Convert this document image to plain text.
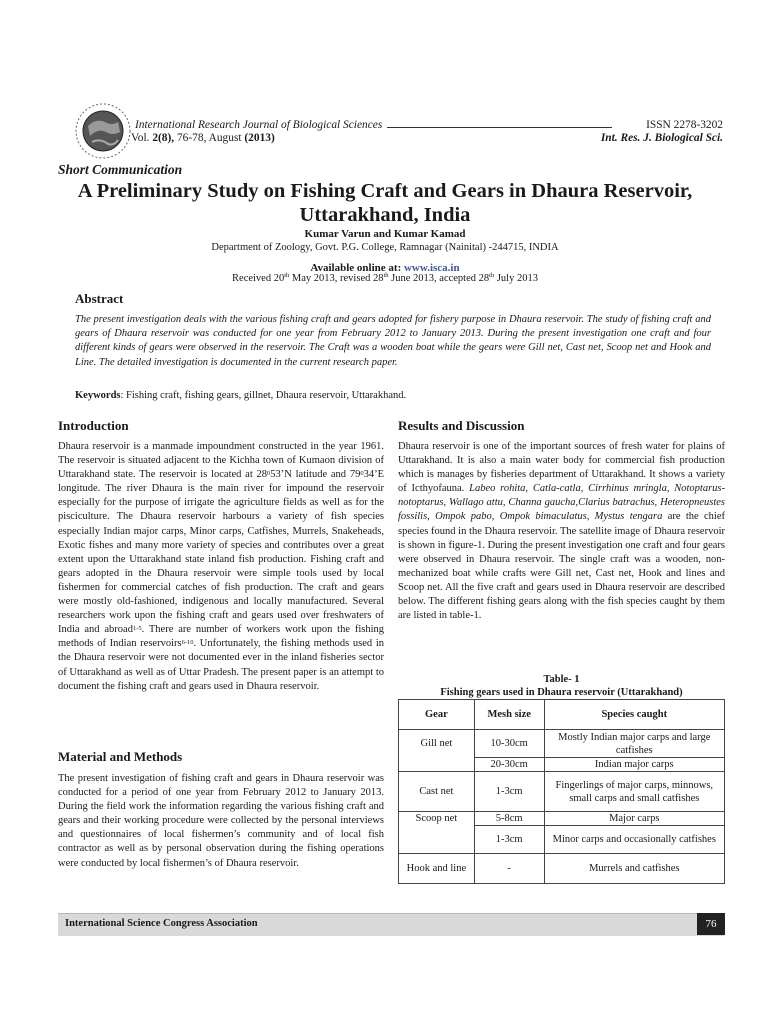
International Research Journal of Biological Sciences	ISSN 2278-3202
Vol. 2(8), 76-78, August (2013)	Int. Res. J. Biological Sci.
Short Communication
A Preliminary Study on Fishing Craft and Gears in Dhaura Reservoir,
Uttarakhand, India
Kumar Varun and Kumar Kamad
Department of Zoology, Govt. P.G. College, Ramnagar (Nainital) -244715, INDIA
Available online at: www.isca.in
Received 20th May 2013, revised 28th June 2013, accepted 28th July 2013
Abstract
The present investigation deals with the various fishing craft and gears adopted for fishery purpose in Dhaura reservoir. The study of fishing craft and gears of Dhaura reservoir was conducted for one year from February 2012 to January 2013. During the present investigation one craft and four different kinds of gears were observed in the reservoir. The Craft was a wooden boat while the gears were Gill net, Cast net, Scoop net and Hook and Line. The detailed investigation is documented in the current research paper.
Keywords: Fishing craft, fishing gears, gillnet, Dhaura reservoir, Uttarakhand.
Introduction
Dhaura reservoir is a manmade impoundment constructed in the year 1961. The reservoir is situated adjacent to the Kichha town of Kumaon division of Uttarakhand state. The reservoir is located at $28^053’N$ latitude and $79^034’E$ longitude. The river Dhaura is the main river for impound the reservoir especially for the purpose of irrigate the agriculture fields as well as for the pisciculture. The Dhaura reservoir harbours a variety of fish species especially Indian major carps, Minor carps, Catfishes, Murrels, Snakeheads, Exotic fishes and many more variety of species and contributes over a great extent upon the Uttarakhand state inland fish production. Fishing craft and gears adopted in the Dhaura reservoir were simple tools used by local fishermen for commercial catches of fish production. The craft and gears were mostly old-fashioned, indigenous and locally manufactured. Several researchers work upon the fishing craft and gears used over freshwaters of India and abroad$^{1-5}$. There are number of workers work upon the fishing methods of Indian reservoirs$^{6-10}$. Unfortunately, the fishing methods used in the Dhaura reservoir were not documented ever in the inland fisheries sector of Uttarakhand as well as of Uttar Pradesh. The present paper is an attempt to document the fishing craft and gears used in Dhaura reservoir.
Material and Methods
The present investigation of fishing craft and gears in Dhaura reservoir was conducted for a period of one year from February 2012 to January 2013. During the field work the information regarding the various fishing craft and gears and their working procedure were collected by the personal interviews and questionnaires of local fishermen’s community and of local fish contractor as well as by personal observation during the fishing operations were conducted by local fishermen’s of Dhaura reservoir.
Results and Discussion
Dhaura reservoir is one of the important sources of fresh water for plains of Uttarakhand. It is also a main water body for commercial fish production which is manages by fisheries department of Uttarakhand. It shows a variety of Icthyofauna. Labeo rohita, Catla-catla, Cirrhinus mringla, Notoptarus-notoptarus, Wallago attu, Channa gaucha,Clarius batrachus, Heteropneustes fossilis, Ompok pabo, Ompok bimaculatus, Mystus tengara are the chief species found in the Dhaura reservoir. The satellite image of Dhaura reservoir is shown in figure-1. During the present investigation one craft and four gears were observed in Dhaura reservoir. The single craft was a wooden, non-mechanized boat while crafts were Gill net, Cast net, Hook and lines and Scoop net. All the five craft and gears used in Dhaura reservoir are described below. The different fishing gears along with the fish species caught by them are listed in table-1.
Table- 1
Fishing gears used in Dhaura reservoir (Uttarakhand)
Gear	Mesh size	Species caught
Gill net	10-30cm	Mostly Indian major carps and large catfishes
	20-30cm	Indian major carps
Cast net	1-3cm	Fingerlings of major carps, minnows, small carps and small catfishes
Scoop net	5-8cm	Major carps
	1-3cm	Minor carps and occasionally catfishes
Hook and line	-	Murrels and catfishes
International Science Congress Association	76
